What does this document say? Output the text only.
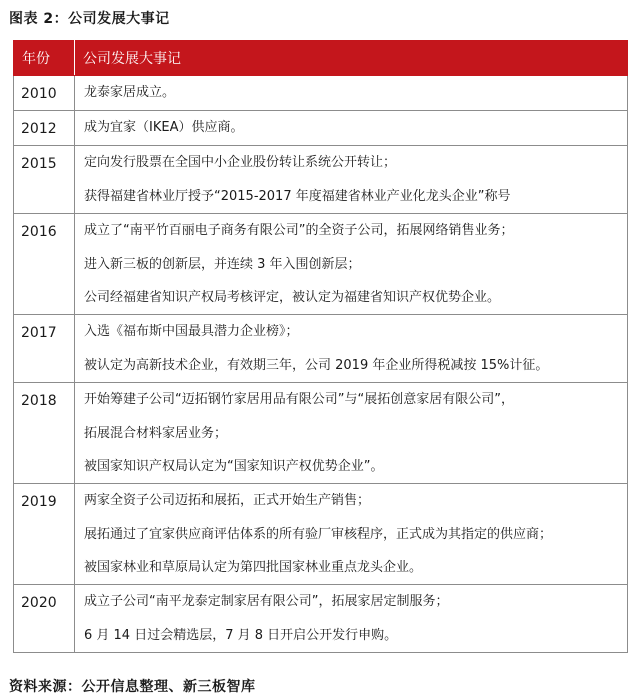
图表 2：公司发展大事记
年份	公司发展大事记
2010	龙泰家居成立。

2012	成为宜家（IKEA）供应商。

2015	定向发行股票在全国中小企业股份转让系统公开转让；
获得福建省林业厅授予“2015-2017 年度福建省林业产业化龙头企业”称号

2016	成立了“南平竹百丽电子商务有限公司”的全资子公司，拓展网络销售业务；
进入新三板的创新层，并连续 3 年入围创新层；
公司经福建省知识产权局考核评定，被认定为福建省知识产权优势企业。

2017	入选《福布斯中国最具潜力企业榜》；
被认定为高新技术企业，有效期三年，公司 2019 年企业所得税减按 15%计征。

2018	开始筹建子公司“迈拓钢竹家居用品有限公司”与“展拓创意家居有限公司”，
拓展混合材料家居业务；
被国家知识产权局认定为“国家知识产权优势企业”。

2019	两家全资子公司迈拓和展拓，正式开始生产销售；
展拓通过了宜家供应商评估体系的所有验厂审核程序，正式成为其指定的供应商；
被国家林业和草原局认定为第四批国家林业重点龙头企业。

2020	成立子公司“南平龙泰定制家居有限公司”，拓展家居定制服务；
6 月 14 日过会精选层，7 月 8 日开启公开发行申购。
资料来源：公开信息整理、新三板智库
